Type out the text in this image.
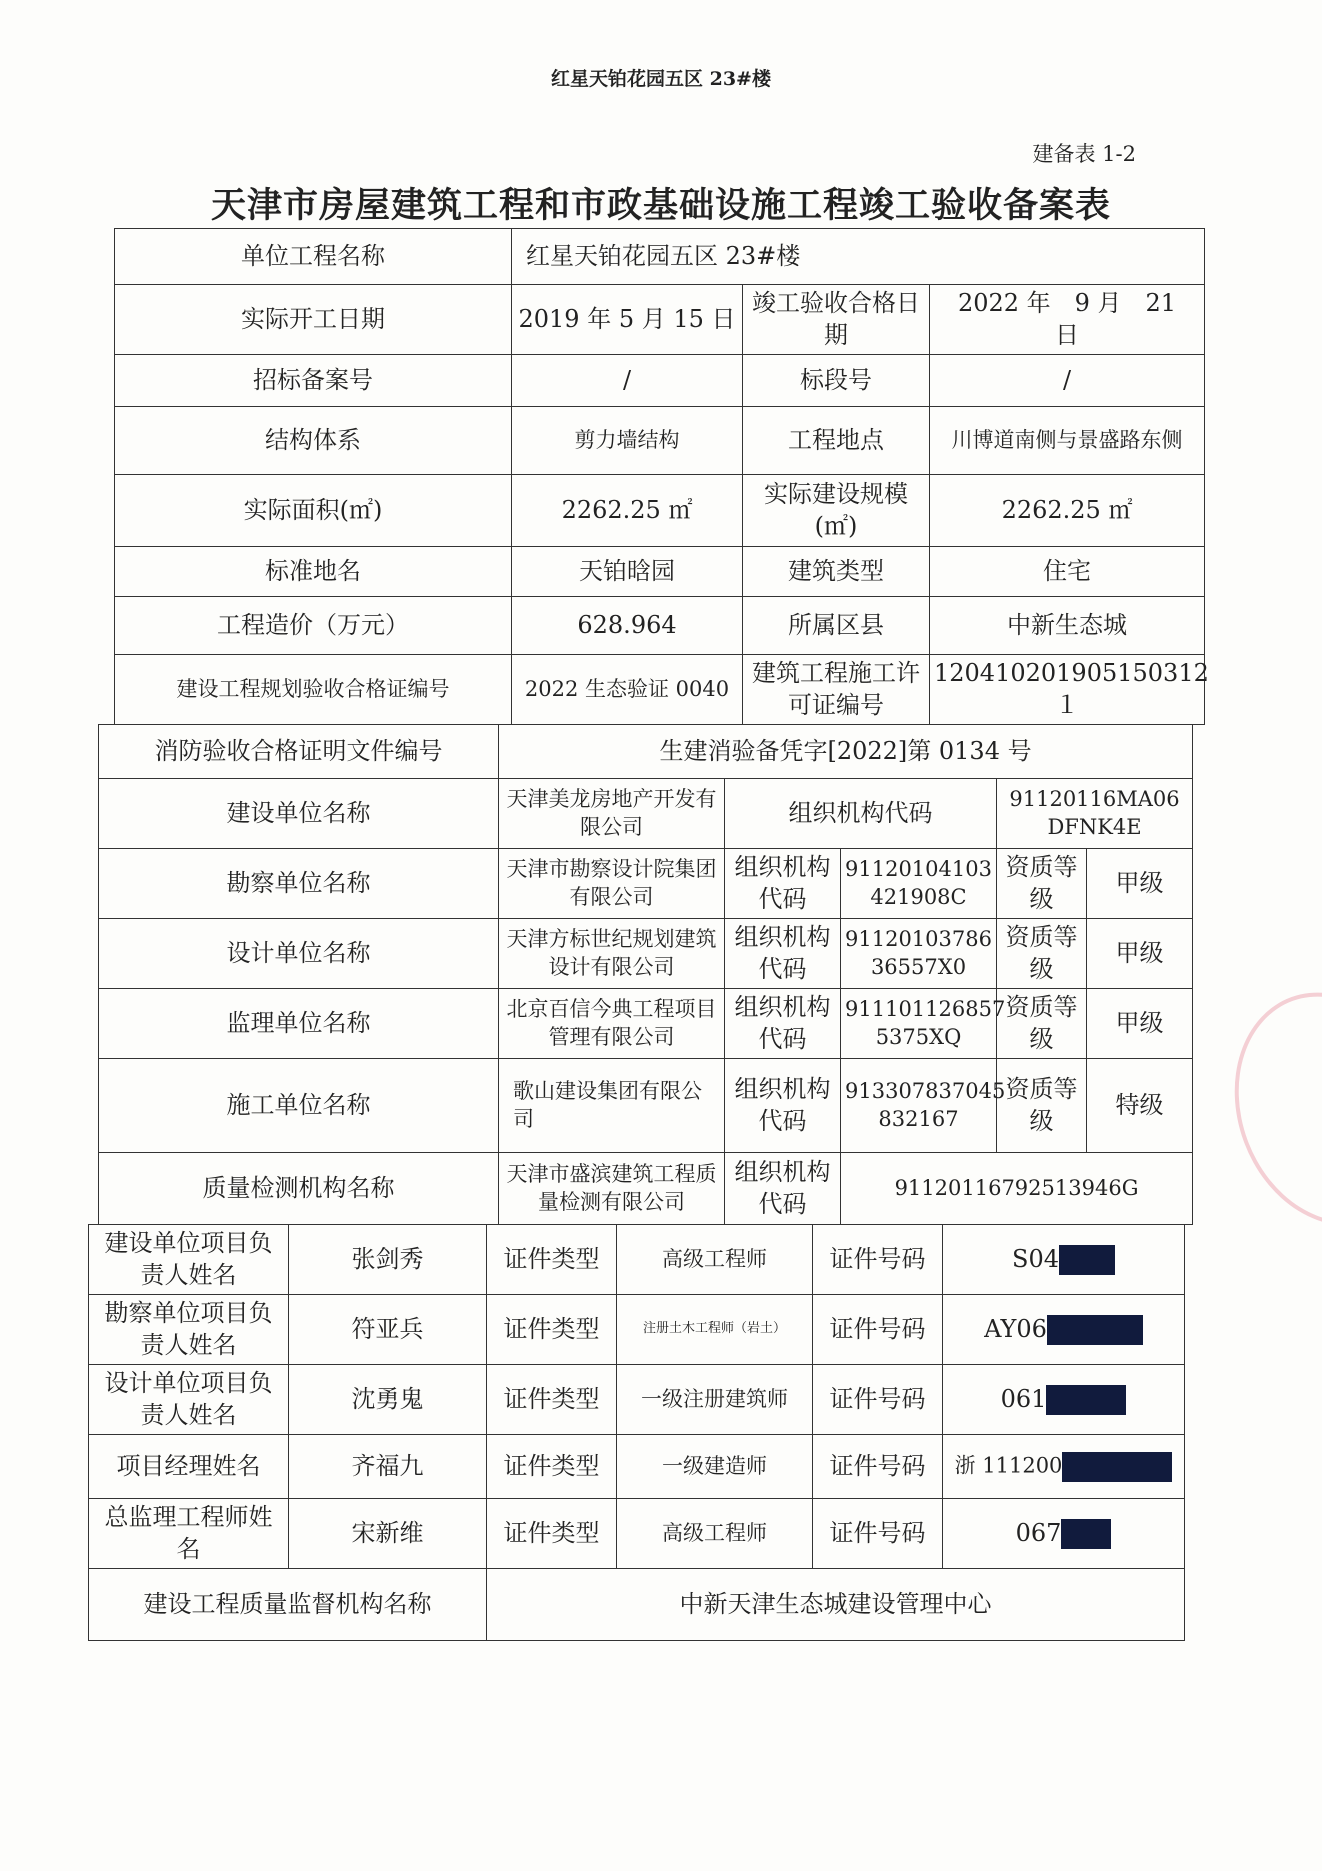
红星天铂花园五区 23#楼
建备表 1-2
天津市房屋建筑工程和市政基础设施工程竣工验收备案表
单位工程名称	红星天铂花园五区 23#楼		
实际开工日期	2019 年 5 月 15 日	竣工验收合格日期	2022 年　9 月　21　日
招标备案号	/	标段号	/
结构体系	剪力墙结构	工程地点	川博道南侧与景盛路东侧
实际面积(㎡)	2262.25 ㎡	实际建设规模(㎡)	2262.25 ㎡
标准地名	天铂晗园	建筑类型	住宅
工程造价（万元）	628.964	所属区县	中新生态城
建设工程规划验收合格证编号	2022 生态验证 0040	建筑工程施工许可证编号	120410201905150312１
消防验收合格证明文件编号	生建消验备凭字[2022]第 0134 号				
建设单位名称	天津美龙房地产开发有限公司	组织机构代码		91120116MA06DFNK4E	
勘察单位名称	天津市勘察设计院集团有限公司	组织机构代码	91120104103421908C	资质等级	甲级
设计单位名称	天津方标世纪规划建筑设计有限公司	组织机构代码	9112010378636557X0	资质等级	甲级
监理单位名称	北京百信今典工程项目管理有限公司	组织机构代码	911101126857 5375XQ	资质等级	甲级
施工单位名称	歌山建设集团有限公司	组织机构代码	913307837045 832167	资质等级	特级
质量检测机构名称	天津市盛滨建筑工程质量检测有限公司	组织机构代码	91120116792513946G		
建设单位项目负责人姓名	张剑秀	证件类型	高级工程师	证件号码	S04
勘察单位项目负责人姓名	符亚兵	证件类型	注册土木工程师（岩土）	证件号码	AY06
设计单位项目负责人姓名	沈勇鬼	证件类型	一级注册建筑师	证件号码	061
项目经理姓名	齐福九	证件类型	一级建造师	证件号码	浙 111200
总监理工程师姓名	宋新维	证件类型	高级工程师	证件号码	067
建设工程质量监督机构名称		中新天津生态城建设管理中心			
